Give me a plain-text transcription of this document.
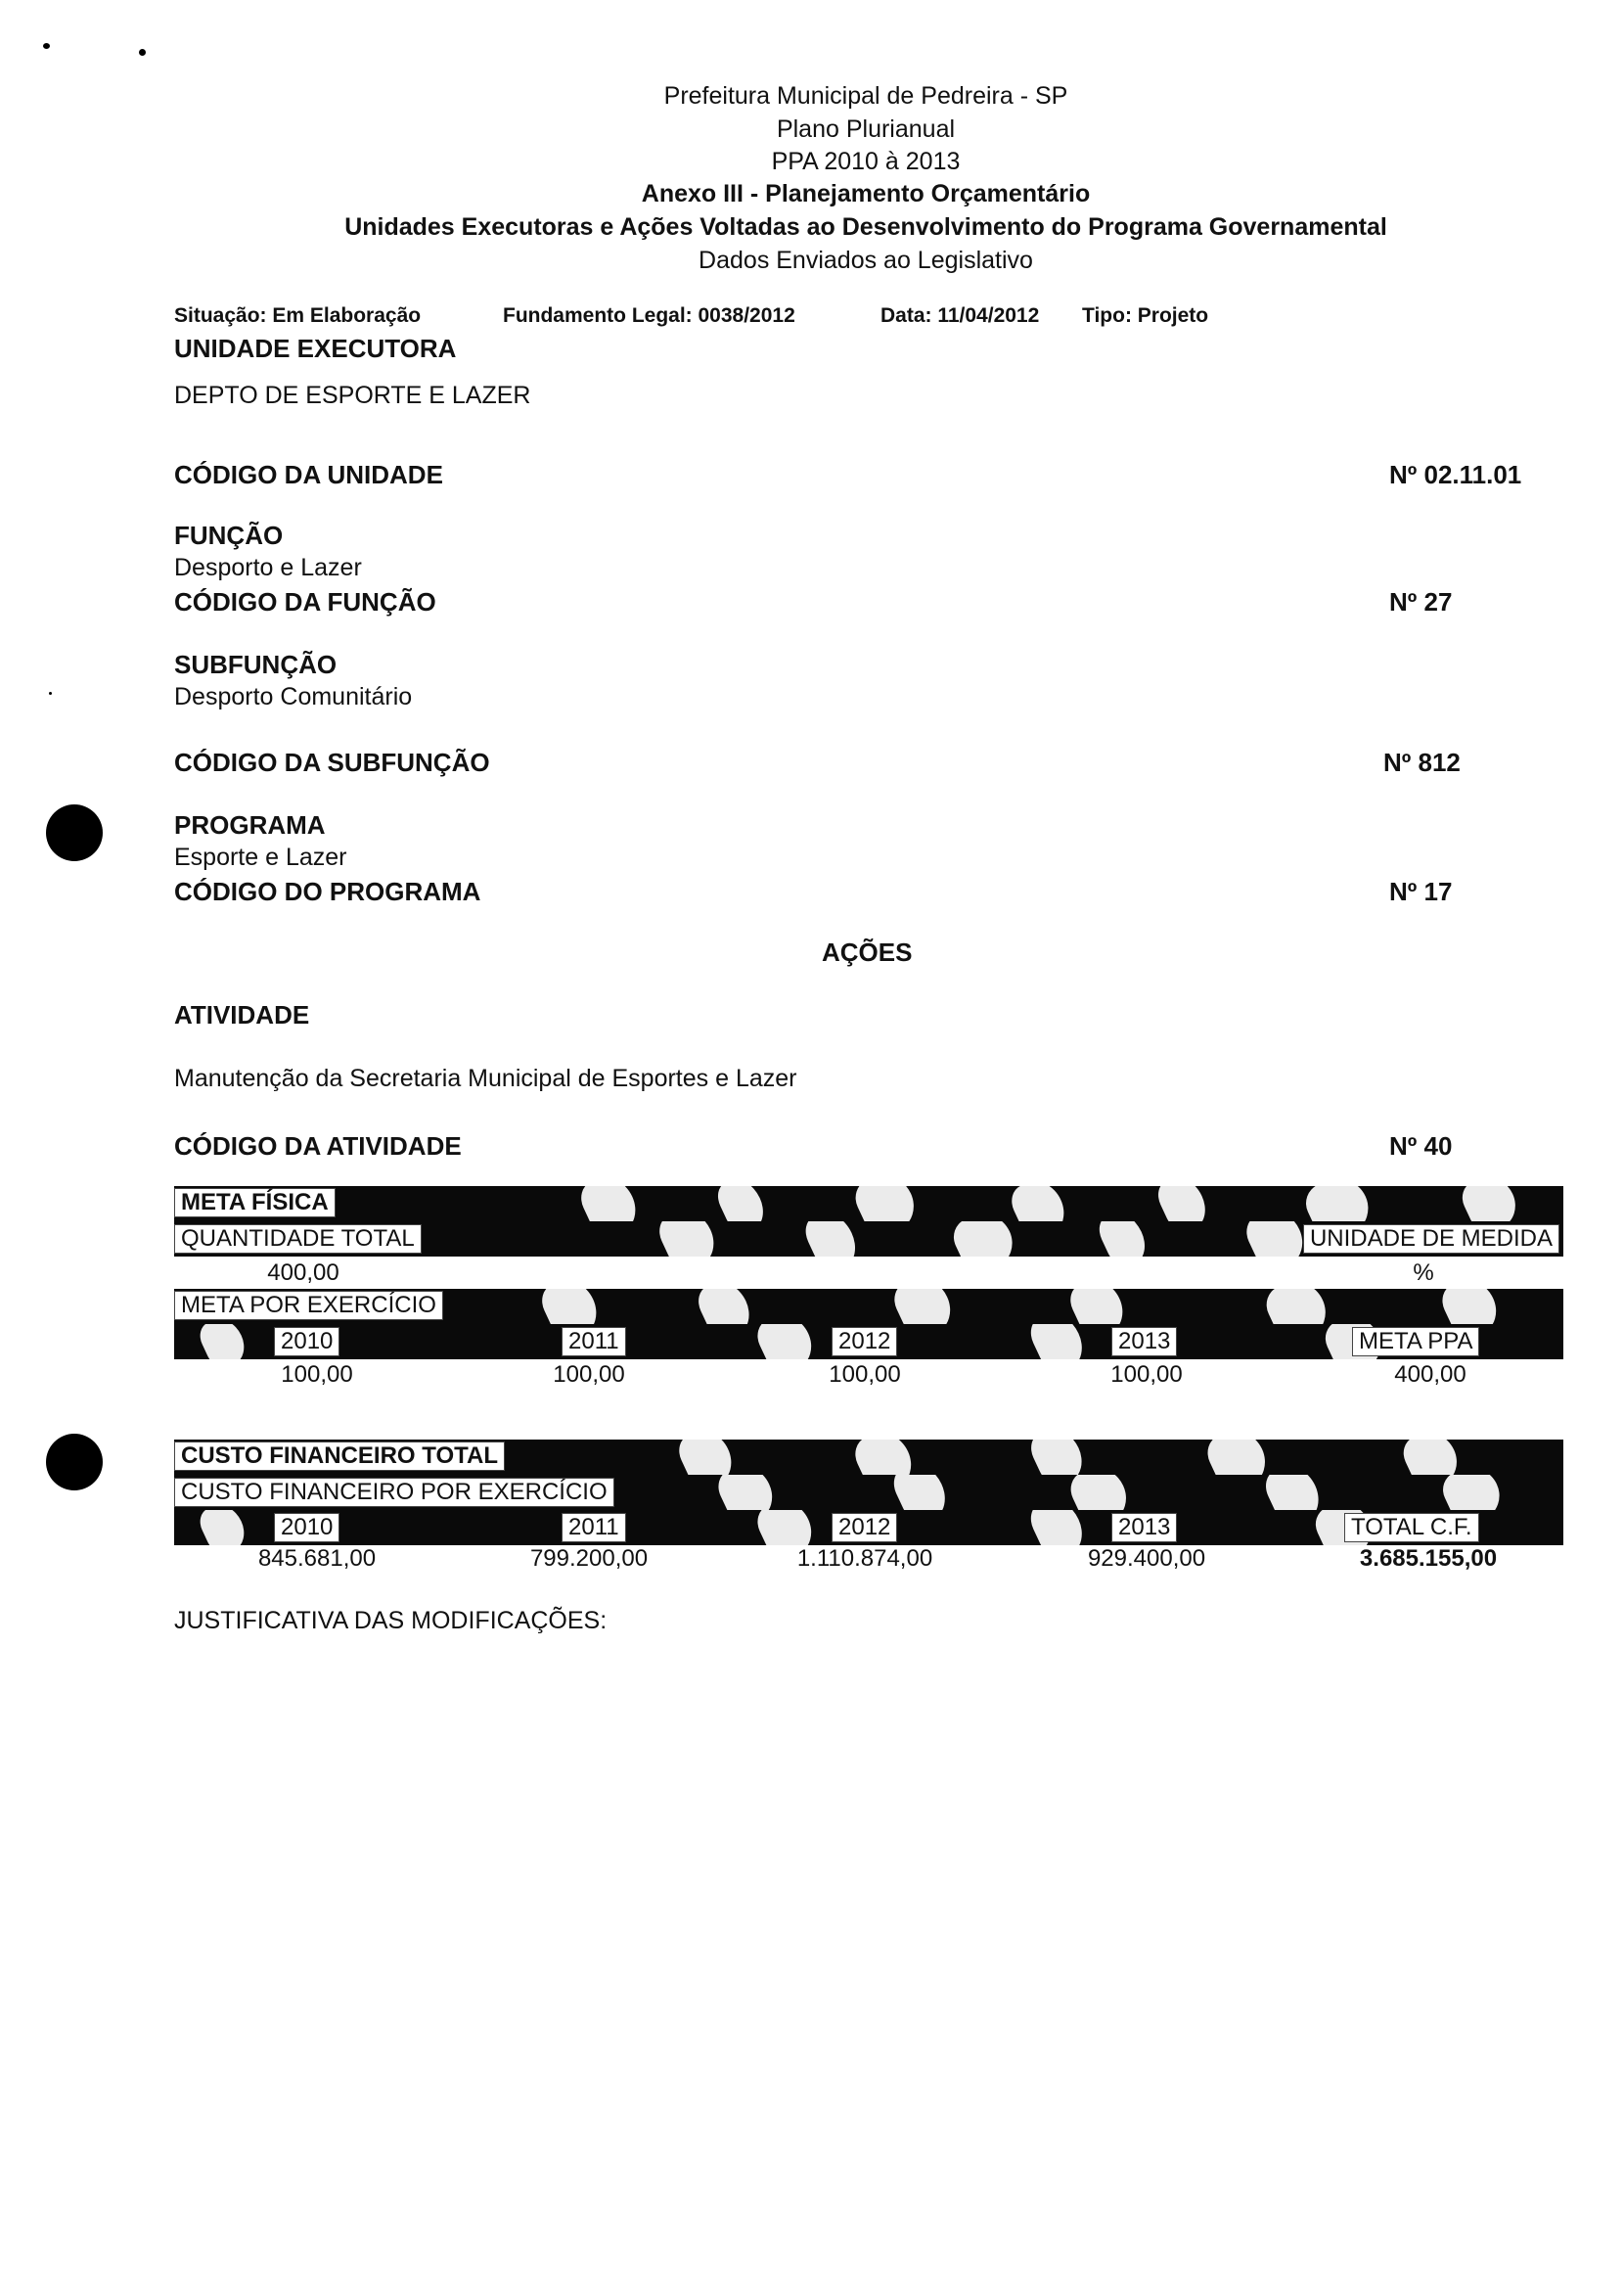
Prefeitura Municipal de Pedreira - SP
Plano Plurianual
PPA 2010 à 2013
Anexo III - Planejamento Orçamentário
Unidades Executoras e Ações Voltadas ao Desenvolvimento do Programa Governamental
Dados Enviados ao Legislativo
Situação: Em Elaboração	Fundamento Legal: 0038/2012	Data: 11/04/2012 Tipo: Projeto
UNIDADE EXECUTORA
DEPTO DE ESPORTE E LAZER
CÓDIGO DA UNIDADE	Nº 02.11.01
FUNÇÃO
Desporto e Lazer
CÓDIGO DA FUNÇÃO	Nº 27
SUBFUNÇÃO
Desporto Comunitário
CÓDIGO DA SUBFUNÇÃO	Nº 812
PROGRAMA
Esporte e Lazer
CÓDIGO DO PROGRAMA	Nº 17
AÇÕES
ATIVIDADE
Manutenção da Secretaria Municipal de Esportes e Lazer
CÓDIGO DA ATIVIDADE	Nº 40
META FÍSICA
QUANTIDADE TOTAL	UNIDADE DE MEDIDA
400,00	%
META POR EXERCÍCIO
2010	2011	2012	2013	META PPA
100,00	100,00	100,00	100,00	400,00
CUSTO FINANCEIRO TOTAL
CUSTO FINANCEIRO POR EXERCÍCIO
2010	2011	2012	2013	TOTAL C.F.
845.681,00	799.200,00	1.110.874,00	929.400,00	3.685.155,00
JUSTIFICATIVA DAS MODIFICAÇÕES:
